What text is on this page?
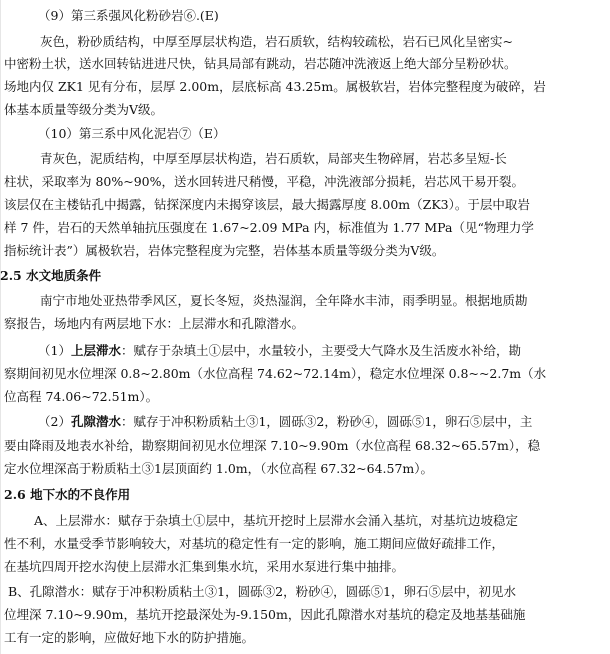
（9）第三系强风化粉砂岩⑥.(E)
灰色，粉砂质结构，中厚至厚层状构造，岩石质软，结构较疏松，岩石已风化呈密实~
中密粉土状，送水回转钻进进尺快，钻具局部有跳动，岩芯随冲洗液返上绝大部分呈粉砂状。
场地内仅 ZK1 见有分布，层厚 2.00m，层底标高 43.25m。属极软岩，岩体完整程度为破碎，岩
体基本质量等级分类为Ⅴ级。
（10）第三系中风化泥岩⑦（E）
青灰色，泥质结构，中厚至厚层状构造，岩石质软，局部夹生物碎屑，岩芯多呈短-长
柱状，采取率为 80%~90%，送水回转进尺稍慢，平稳，冲洗液部分损耗，岩芯风干易开裂。
该层仅在主楼钻孔中揭露，钻探深度内未揭穿该层，最大揭露厚度 8.00m（ZK3）。于层中取岩
样 7 件，岩石的天然单轴抗压强度在 1.67~2.09 MPa 内，标准值为 1.77 MPa（见“物理力学
指标统计表”）属极软岩，岩体完整程度为完整，岩体基本质量等级分类为Ⅴ级。
2.5 水文地质条件
南宁市地处亚热带季风区，夏长冬短，炎热湿润，全年降水丰沛，雨季明显。根据地质勘
察报告，场地内有两层地下水：上层滞水和孔隙潜水。
（1）上层滞水：赋存于杂填土①层中，水量较小，主要受大气降水及生活废水补给，勘
察期间初见水位埋深 0.8~2.80m（水位高程 74.62~72.14m），稳定水位埋深 0.8~~2.7m（水
位高程 74.06~72.51m）。
（2）孔隙潜水：赋存于冲积粉质粘土③1，圆砾③2，粉砂④，圆砾⑤1，卵石⑤层中，主
要由降雨及地表水补给，勘察期间初见水位埋深 7.10~9.90m（水位高程 68.32~65.57m），稳
定水位埋深高于粉质粘土③1层顶面约 1.0m，（水位高程 67.32~64.57m）。
2.6 地下水的不良作用
A、上层滞水：赋存于杂填土①层中，基坑开挖时上层滞水会涌入基坑，对基坑边坡稳定
性不利，水量受季节影响较大，对基坑的稳定性有一定的影响，施工期间应做好疏排工作，
在基坑四周开挖水沟使上层滞水汇集到集水坑，采用水泵进行集中抽排。
B、孔隙潜水：赋存于冲积粉质粘土③1，圆砾③2，粉砂④，圆砾⑤1，卵石⑤层中，初见水
位埋深 7.10~9.90m，基坑开挖最深处为-9.150m，因此孔隙潜水对基坑的稳定及地基基础施
工有一定的影响，应做好地下水的防护措施。
